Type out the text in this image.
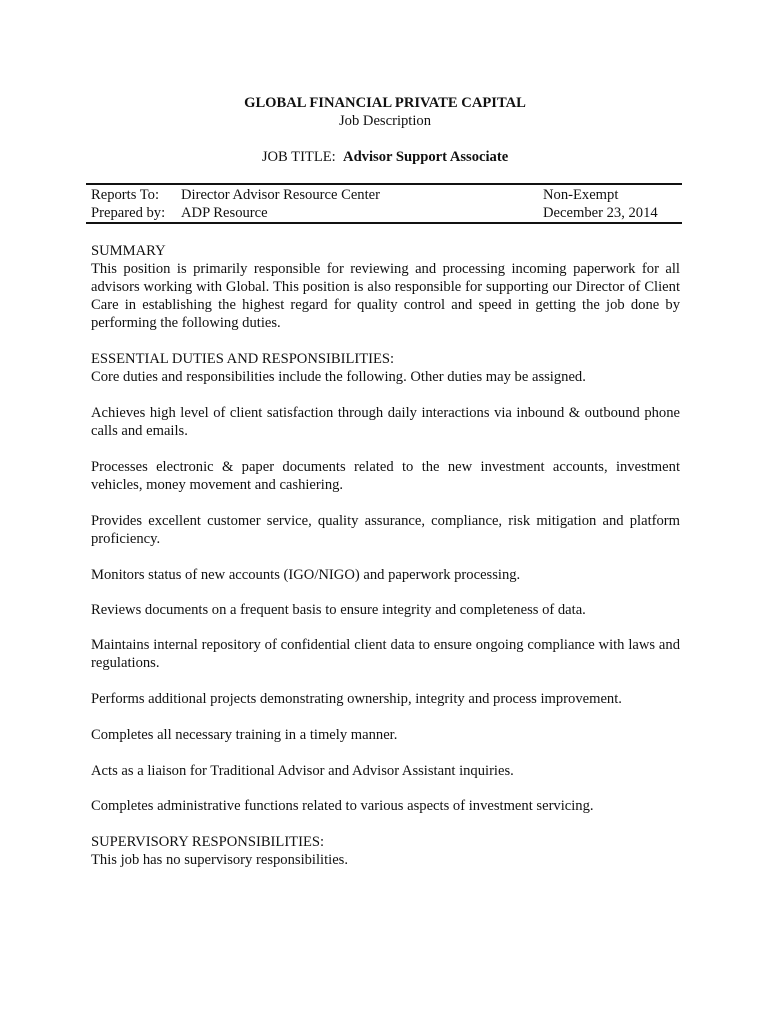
GLOBAL FINANCIAL PRIVATE CAPITAL
Job Description
JOB TITLE: Advisor Support Associate
Reports To: Director Advisor Resource Center	Non-Exempt
Prepared by: ADP Resource	December 23, 2014

SUMMARY

This position is primarily responsible for reviewing and processing incoming paperwork for all advisors working with Global. This position is also responsible for supporting our Director of Client Care in establishing the highest regard for quality control and speed in getting the job done by performing the following duties.

ESSENTIAL DUTIES AND RESPONSIBILITIES:

Core duties and responsibilities include the following. Other duties may be assigned.

Achieves high level of client satisfaction through daily interactions via inbound & outbound phone calls and emails.

Processes electronic & paper documents related to the new investment accounts, investment vehicles, money movement and cashiering.

Provides excellent customer service, quality assurance, compliance, risk mitigation and platform proficiency.

Monitors status of new accounts (IGO/NIGO) and paperwork processing.

Reviews documents on a frequent basis to ensure integrity and completeness of data.

Maintains internal repository of confidential client data to ensure ongoing compliance with laws and regulations.

Performs additional projects demonstrating ownership, integrity and process improvement.

Completes all necessary training in a timely manner.

Acts as a liaison for Traditional Advisor and Advisor Assistant inquiries.

Completes administrative functions related to various aspects of investment servicing.

SUPERVISORY RESPONSIBILITIES:

This job has no supervisory responsibilities.
